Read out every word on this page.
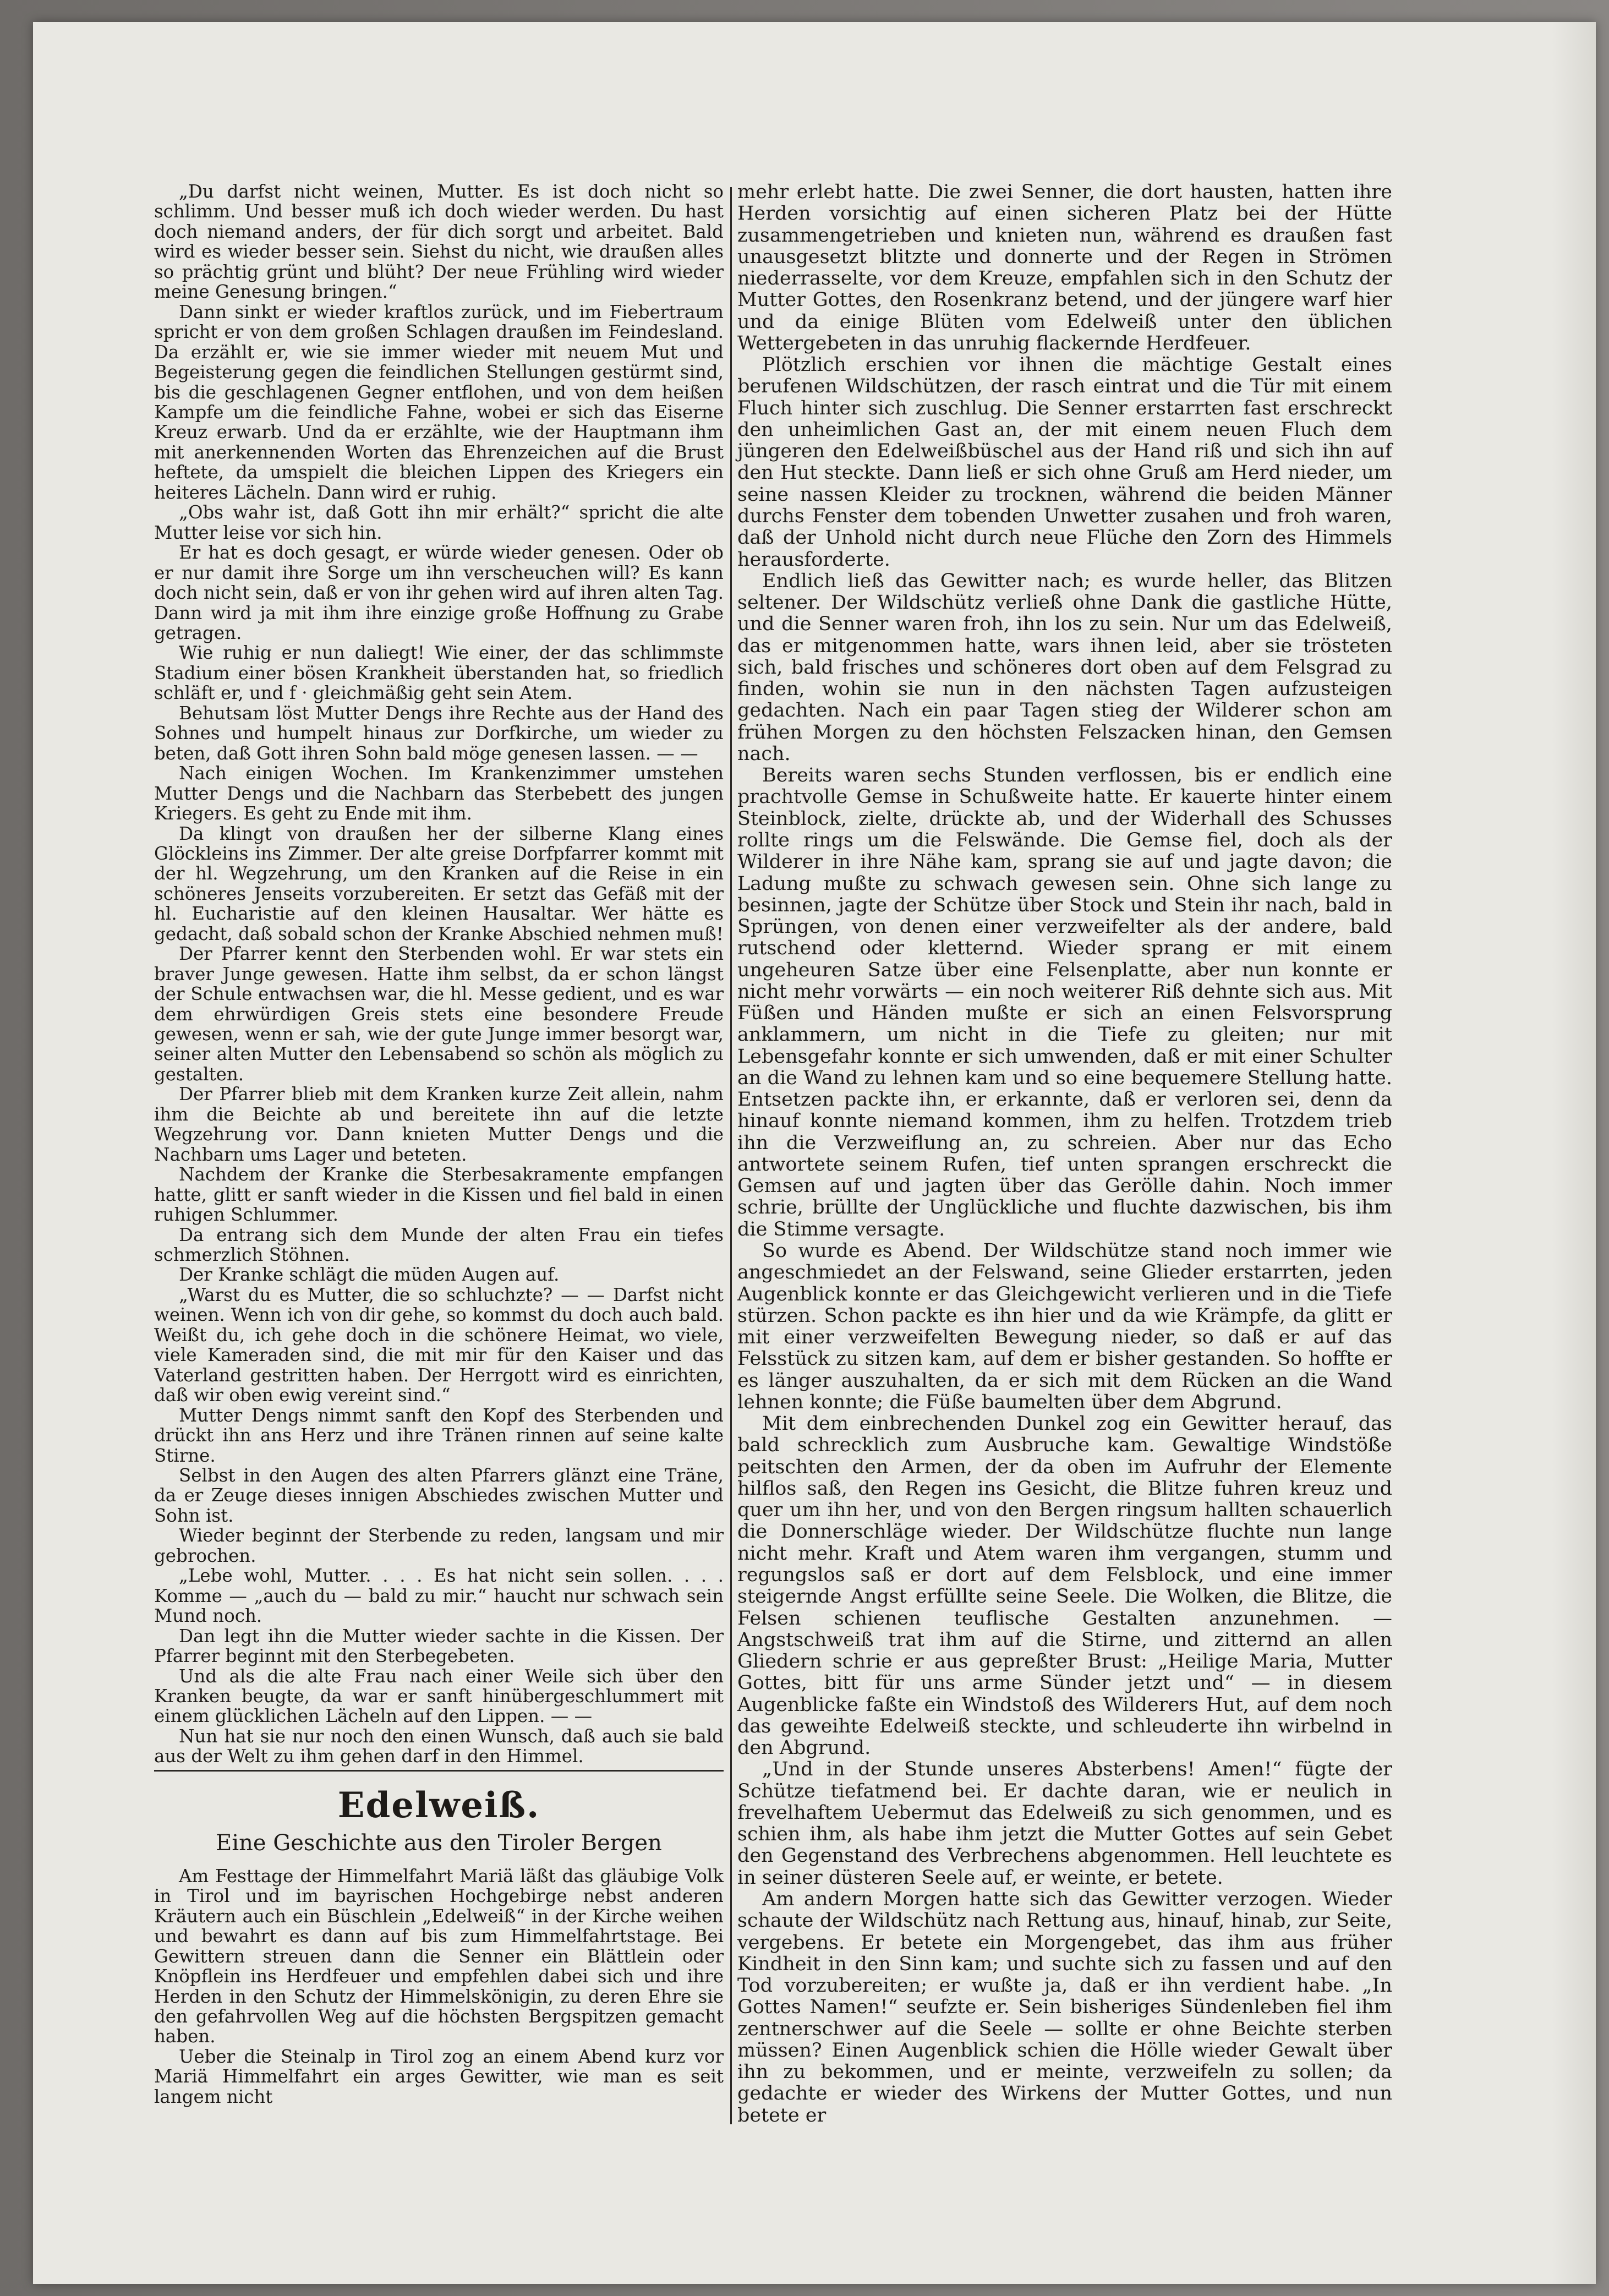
„Du darfst nicht weinen, Mutter. Es ist doch nicht so schlimm. Und besser muß ich doch wieder werden. Du hast doch niemand anders, der für dich sorgt und arbeitet. Bald wird es wieder besser sein. Siehst du nicht, wie draußen alles so prächtig grünt und blüht? Der neue Frühling wird wieder meine Genesung bringen.“

Dann sinkt er wieder kraftlos zurück, und im Fiebertraum spricht er von dem großen Schlagen draußen im Feindesland. Da erzählt er, wie sie immer wieder mit neuem Mut und Begeisterung gegen die feindlichen Stellungen gestürmt sind, bis die geschlagenen Gegner entflohen, und von dem heißen Kampfe um die feindliche Fahne, wobei er sich das Eiserne Kreuz erwarb. Und da er erzählte, wie der Hauptmann ihm mit anerkennenden Worten das Ehrenzeichen auf die Brust heftete, da umspielt die bleichen Lippen des Kriegers ein heiteres Lächeln. Dann wird er ruhig.

„Obs wahr ist, daß Gott ihn mir erhält?“ spricht die alte Mutter leise vor sich hin.

Er hat es doch gesagt, er würde wieder genesen. Oder ob er nur damit ihre Sorge um ihn verscheuchen will? Es kann doch nicht sein, daß er von ihr gehen wird auf ihren alten Tag. Dann wird ja mit ihm ihre einzige große Hoffnung zu Grabe getragen.

Wie ruhig er nun daliegt! Wie einer, der das schlimmste Stadium einer bösen Krankheit überstanden hat, so friedlich schläft er, und f · gleichmäßig geht sein Atem.

Behutsam löst Mutter Dengs ihre Rechte aus der Hand des Sohnes und humpelt hinaus zur Dorfkirche, um wieder zu beten, daß Gott ihren Sohn bald möge genesen lassen. — —

Nach einigen Wochen. Im Krankenzimmer umstehen Mutter Dengs und die Nachbarn das Sterbebett des jungen Kriegers. Es geht zu Ende mit ihm.

Da klingt von draußen her der silberne Klang eines Glöckleins ins Zimmer. Der alte greise Dorfpfarrer kommt mit der hl. Wegzehrung, um den Kranken auf die Reise in ein schöneres Jenseits vorzubereiten. Er setzt das Gefäß mit der hl. Eucharistie auf den kleinen Hausaltar. Wer hätte es gedacht, daß sobald schon der Kranke Abschied nehmen muß!

Der Pfarrer kennt den Sterbenden wohl. Er war stets ein braver Junge gewesen. Hatte ihm selbst, da er schon längst der Schule entwachsen war, die hl. Messe gedient, und es war dem ehrwürdigen Greis stets eine besondere Freude gewesen, wenn er sah, wie der gute Junge immer besorgt war, seiner alten Mutter den Lebensabend so schön als möglich zu gestalten.

Der Pfarrer blieb mit dem Kranken kurze Zeit allein, nahm ihm die Beichte ab und bereitete ihn auf die letzte Wegzehrung vor. Dann knieten Mutter Dengs und die Nachbarn ums Lager und beteten.

Nachdem der Kranke die Sterbesakramente empfangen hatte, glitt er sanft wieder in die Kissen und fiel bald in einen ruhigen Schlummer.

Da entrang sich dem Munde der alten Frau ein tiefes schmerzlich Stöhnen.

Der Kranke schlägt die müden Augen auf.

„Warst du es Mutter, die so schluchzte? — — Darfst nicht weinen. Wenn ich von dir gehe, so kommst du doch auch bald. Weißt du, ich gehe doch in die schönere Heimat, wo viele, viele Kameraden sind, die mit mir für den Kaiser und das Vaterland gestritten haben. Der Herrgott wird es einrichten, daß wir oben ewig vereint sind.“

Mutter Dengs nimmt sanft den Kopf des Sterbenden und drückt ihn ans Herz und ihre Tränen rinnen auf seine kalte Stirne.

Selbst in den Augen des alten Pfarrers glänzt eine Träne, da er Zeuge dieses innigen Abschiedes zwischen Mutter und Sohn ist.

Wieder beginnt der Sterbende zu reden, langsam und mir gebrochen.

„Lebe wohl, Mutter. . . . Es hat nicht sein sollen. . . . Komme — „auch du — bald zu mir.“ haucht nur schwach sein Mund noch.

Dan legt ihn die Mutter wieder sachte in die Kissen. Der Pfarrer beginnt mit den Sterbegebeten.

Und als die alte Frau nach einer Weile sich über den Kranken beugte, da war er sanft hinübergeschlummert mit einem glücklichen Lächeln auf den Lippen. — —

Nun hat sie nur noch den einen Wunsch, daß auch sie bald aus der Welt zu ihm gehen darf in den Himmel.

Edelweiß.
Eine Geschichte aus den Tiroler Bergen

Am Festtage der Himmelfahrt Mariä läßt das gläubige Volk in Tirol und im bayrischen Hochgebirge nebst anderen Kräutern auch ein Büschlein „Edelweiß“ in der Kirche weihen und bewahrt es dann auf bis zum Himmelfahrtstage. Bei Gewittern streuen dann die Senner ein Blättlein oder Knöpflein ins Herdfeuer und empfehlen dabei sich und ihre Herden in den Schutz der Himmelskönigin, zu deren Ehre sie den gefahrvollen Weg auf die höchsten Bergspitzen gemacht haben.

Ueber die Steinalp in Tirol zog an einem Abend kurz vor Mariä Himmelfahrt ein arges Gewitter, wie man es seit langem nicht

mehr erlebt hatte. Die zwei Senner, die dort hausten, hatten ihre Herden vorsichtig auf einen sicheren Platz bei der Hütte zusammengetrieben und knieten nun, während es draußen fast unausgesetzt blitzte und donnerte und der Regen in Strömen niederrasselte, vor dem Kreuze, empfahlen sich in den Schutz der Mutter Gottes, den Rosenkranz betend, und der jüngere warf hier und da einige Blüten vom Edelweiß unter den üblichen Wettergebeten in das unruhig flackernde Herdfeuer.

Plötzlich erschien vor ihnen die mächtige Gestalt eines berufenen Wildschützen, der rasch eintrat und die Tür mit einem Fluch hinter sich zuschlug. Die Senner erstarrten fast erschreckt den unheimlichen Gast an, der mit einem neuen Fluch dem jüngeren den Edelweißbüschel aus der Hand riß und sich ihn auf den Hut steckte. Dann ließ er sich ohne Gruß am Herd nieder, um seine nassen Kleider zu trocknen, während die beiden Männer durchs Fenster dem tobenden Unwetter zusahen und froh waren, daß der Unhold nicht durch neue Flüche den Zorn des Himmels herausforderte.

Endlich ließ das Gewitter nach; es wurde heller, das Blitzen seltener. Der Wildschütz verließ ohne Dank die gastliche Hütte, und die Senner waren froh, ihn los zu sein. Nur um das Edelweiß, das er mitgenommen hatte, wars ihnen leid, aber sie trösteten sich, bald frisches und schöneres dort oben auf dem Felsgrad zu finden, wohin sie nun in den nächsten Tagen aufzusteigen gedachten. Nach ein paar Tagen stieg der Wilderer schon am frühen Morgen zu den höchsten Felszacken hinan, den Gemsen nach.

Bereits waren sechs Stunden verflossen, bis er endlich eine prachtvolle Gemse in Schußweite hatte. Er kauerte hinter einem Steinblock, zielte, drückte ab, und der Widerhall des Schusses rollte rings um die Felswände. Die Gemse fiel, doch als der Wilderer in ihre Nähe kam, sprang sie auf und jagte davon; die Ladung mußte zu schwach gewesen sein. Ohne sich lange zu besinnen, jagte der Schütze über Stock und Stein ihr nach, bald in Sprüngen, von denen einer verzweifelter als der andere, bald rutschend oder kletternd. Wieder sprang er mit einem ungeheuren Satze über eine Felsenplatte, aber nun konnte er nicht mehr vorwärts — ein noch weiterer Riß dehnte sich aus. Mit Füßen und Händen mußte er sich an einen Felsvorsprung anklammern, um nicht in die Tiefe zu gleiten; nur mit Lebensgefahr konnte er sich umwenden, daß er mit einer Schulter an die Wand zu lehnen kam und so eine bequemere Stellung hatte. Entsetzen packte ihn, er erkannte, daß er verloren sei, denn da hinauf konnte niemand kommen, ihm zu helfen. Trotzdem trieb ihn die Verzweiflung an, zu schreien. Aber nur das Echo antwortete seinem Rufen, tief unten sprangen erschreckt die Gemsen auf und jagten über das Gerölle dahin. Noch immer schrie, brüllte der Unglückliche und fluchte dazwischen, bis ihm die Stimme versagte.

So wurde es Abend. Der Wildschütze stand noch immer wie angeschmiedet an der Felswand, seine Glieder erstarrten, jeden Augenblick konnte er das Gleichgewicht verlieren und in die Tiefe stürzen. Schon packte es ihn hier und da wie Krämpfe, da glitt er mit einer verzweifelten Bewegung nieder, so daß er auf das Felsstück zu sitzen kam, auf dem er bisher gestanden. So hoffte er es länger auszuhalten, da er sich mit dem Rücken an die Wand lehnen konnte; die Füße baumelten über dem Abgrund.

Mit dem einbrechenden Dunkel zog ein Gewitter herauf, das bald schrecklich zum Ausbruche kam. Gewaltige Windstöße peitschten den Armen, der da oben im Aufruhr der Elemente hilflos saß, den Regen ins Gesicht, die Blitze fuhren kreuz und quer um ihn her, und von den Bergen ringsum hallten schauerlich die Donnerschläge wieder. Der Wildschütze fluchte nun lange nicht mehr. Kraft und Atem waren ihm vergangen, stumm und regungslos saß er dort auf dem Felsblock, und eine immer steigernde Angst erfüllte seine Seele. Die Wolken, die Blitze, die Felsen schienen teuflische Gestalten anzunehmen. — Angstschweiß trat ihm auf die Stirne, und zitternd an allen Gliedern schrie er aus gepreßter Brust: „Heilige Maria, Mutter Gottes, bitt für uns arme Sünder jetzt und“ — in diesem Augenblicke faßte ein Windstoß des Wilderers Hut, auf dem noch das geweihte Edelweiß steckte, und schleuderte ihn wirbelnd in den Abgrund.

„Und in der Stunde unseres Absterbens! Amen!“ fügte der Schütze tiefatmend bei. Er dachte daran, wie er neulich in frevelhaftem Uebermut das Edelweiß zu sich genommen, und es schien ihm, als habe ihm jetzt die Mutter Gottes auf sein Gebet den Gegenstand des Verbrechens abgenommen. Hell leuchtete es in seiner düsteren Seele auf, er weinte, er betete.

Am andern Morgen hatte sich das Gewitter verzogen. Wieder schaute der Wildschütz nach Rettung aus, hinauf, hinab, zur Seite, vergebens. Er betete ein Morgengebet, das ihm aus früher Kindheit in den Sinn kam; und suchte sich zu fassen und auf den Tod vorzubereiten; er wußte ja, daß er ihn verdient habe. „In Gottes Namen!“ seufzte er. Sein bisheriges Sündenleben fiel ihm zentnerschwer auf die Seele — sollte er ohne Beichte sterben müssen? Einen Augenblick schien die Hölle wieder Gewalt über ihn zu bekommen, und er meinte, verzweifeln zu sollen; da gedachte er wieder des Wirkens der Mutter Gottes, und nun betete er
